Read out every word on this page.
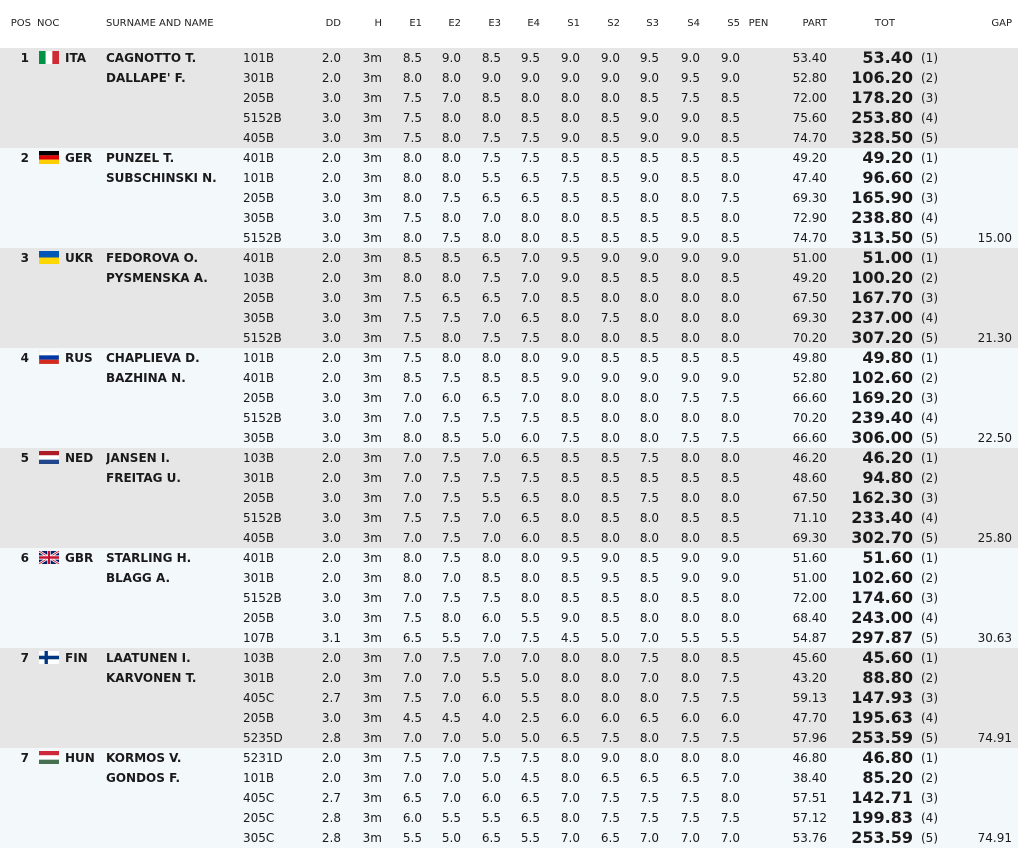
POS	NOC	SURNAME AND NAME		DD	H	E1	E2	E3	E4	S1	S2	S3	S4	S5	PEN	PART	TOT		GAP
1	ITA	CAGNOTTO T.	101B	2.0	3m	8.5	9.0	8.5	9.5	9.0	9.0	9.5	9.0	9.0		53.40	53.40	(1)	
		DALLAPE' F.	301B	2.0	3m	8.0	8.0	9.0	9.0	9.0	9.0	9.0	9.5	9.0		52.80	106.20	(2)	
			205B	3.0	3m	7.5	7.0	8.5	8.0	8.0	8.0	8.5	7.5	8.5		72.00	178.20	(3)	
			5152B	3.0	3m	7.5	8.0	8.0	8.5	8.0	8.5	9.0	9.0	8.5		75.60	253.80	(4)	
			405B	3.0	3m	7.5	8.0	7.5	7.5	9.0	8.5	9.0	9.0	8.5		74.70	328.50	(5)	
2	GER	PUNZEL T.	401B	2.0	3m	8.0	8.0	7.5	7.5	8.5	8.5	8.5	8.5	8.5		49.20	49.20	(1)	
		SUBSCHINSKI N.	101B	2.0	3m	8.0	8.0	5.5	6.5	7.5	8.5	9.0	8.5	8.0		47.40	96.60	(2)	
			205B	3.0	3m	8.0	7.5	6.5	6.5	8.5	8.5	8.0	8.0	7.5		69.30	165.90	(3)	
			305B	3.0	3m	7.5	8.0	7.0	8.0	8.0	8.5	8.5	8.5	8.0		72.90	238.80	(4)	
			5152B	3.0	3m	8.0	7.5	8.0	8.0	8.5	8.5	8.5	9.0	8.5		74.70	313.50	(5)	15.00
3	UKR	FEDOROVA O.	401B	2.0	3m	8.5	8.5	6.5	7.0	9.5	9.0	9.0	9.0	9.0		51.00	51.00	(1)	
		PYSMENSKA A.	103B	2.0	3m	8.0	8.0	7.5	7.0	9.0	8.5	8.5	8.0	8.5		49.20	100.20	(2)	
			205B	3.0	3m	7.5	6.5	6.5	7.0	8.5	8.0	8.0	8.0	8.0		67.50	167.70	(3)	
			305B	3.0	3m	7.5	7.5	7.0	6.5	8.0	7.5	8.0	8.0	8.0		69.30	237.00	(4)	
			5152B	3.0	3m	7.5	8.0	7.5	7.5	8.0	8.0	8.5	8.0	8.0		70.20	307.20	(5)	21.30
4	RUS	CHAPLIEVA D.	101B	2.0	3m	7.5	8.0	8.0	8.0	9.0	8.5	8.5	8.5	8.5		49.80	49.80	(1)	
		BAZHINA N.	401B	2.0	3m	8.5	7.5	8.5	8.5	9.0	9.0	9.0	9.0	9.0		52.80	102.60	(2)	
			205B	3.0	3m	7.0	6.0	6.5	7.0	8.0	8.0	8.0	7.5	7.5		66.60	169.20	(3)	
			5152B	3.0	3m	7.0	7.5	7.5	7.5	8.5	8.0	8.0	8.0	8.0		70.20	239.40	(4)	
			305B	3.0	3m	8.0	8.5	5.0	6.0	7.5	8.0	8.0	7.5	7.5		66.60	306.00	(5)	22.50
5	NED	JANSEN I.	103B	2.0	3m	7.0	7.5	7.0	6.5	8.5	8.5	7.5	8.0	8.0		46.20	46.20	(1)	
		FREITAG U.	301B	2.0	3m	7.0	7.5	7.5	7.5	8.5	8.5	8.5	8.5	8.5		48.60	94.80	(2)	
			205B	3.0	3m	7.0	7.5	5.5	6.5	8.0	8.5	7.5	8.0	8.0		67.50	162.30	(3)	
			5152B	3.0	3m	7.5	7.5	7.0	6.5	8.0	8.5	8.0	8.5	8.5		71.10	233.40	(4)	
			405B	3.0	3m	7.0	7.5	7.0	6.0	8.5	8.0	8.0	8.0	8.5		69.30	302.70	(5)	25.80
6	GBR	STARLING H.	401B	2.0	3m	8.0	7.5	8.0	8.0	9.5	9.0	8.5	9.0	9.0		51.60	51.60	(1)	
		BLAGG A.	301B	2.0	3m	8.0	7.0	8.5	8.0	8.5	9.5	8.5	9.0	9.0		51.00	102.60	(2)	
			5152B	3.0	3m	7.0	7.5	7.5	8.0	8.5	8.5	8.0	8.5	8.0		72.00	174.60	(3)	
			205B	3.0	3m	7.5	8.0	6.0	5.5	9.0	8.5	8.0	8.0	8.0		68.40	243.00	(4)	
			107B	3.1	3m	6.5	5.5	7.0	7.5	4.5	5.0	7.0	5.5	5.5		54.87	297.87	(5)	30.63
7	FIN	LAATUNEN I.	103B	2.0	3m	7.0	7.5	7.0	7.0	8.0	8.0	7.5	8.0	8.5		45.60	45.60	(1)	
		KARVONEN T.	301B	2.0	3m	7.0	7.0	5.5	5.0	8.0	8.0	7.0	8.0	7.5		43.20	88.80	(2)	
			405C	2.7	3m	7.5	7.0	6.0	5.5	8.0	8.0	8.0	7.5	7.5		59.13	147.93	(3)	
			205B	3.0	3m	4.5	4.5	4.0	2.5	6.0	6.0	6.5	6.0	6.0		47.70	195.63	(4)	
			5235D	2.8	3m	7.0	7.0	5.0	5.0	6.5	7.5	8.0	7.5	7.5		57.96	253.59	(5)	74.91
7	HUN	KORMOS V.	5231D	2.0	3m	7.5	7.0	7.5	7.5	8.0	9.0	8.0	8.0	8.0		46.80	46.80	(1)	
		GONDOS F.	101B	2.0	3m	7.0	7.0	5.0	4.5	8.0	6.5	6.5	6.5	7.0		38.40	85.20	(2)	
			405C	2.7	3m	6.5	7.0	6.0	6.5	7.0	7.5	7.5	7.5	8.0		57.51	142.71	(3)	
			205C	2.8	3m	6.0	5.5	5.5	6.5	8.0	7.5	7.5	7.5	7.5		57.12	199.83	(4)	
			305C	2.8	3m	5.5	5.0	6.5	5.5	7.0	6.5	7.0	7.0	7.0		53.76	253.59	(5)	74.91
